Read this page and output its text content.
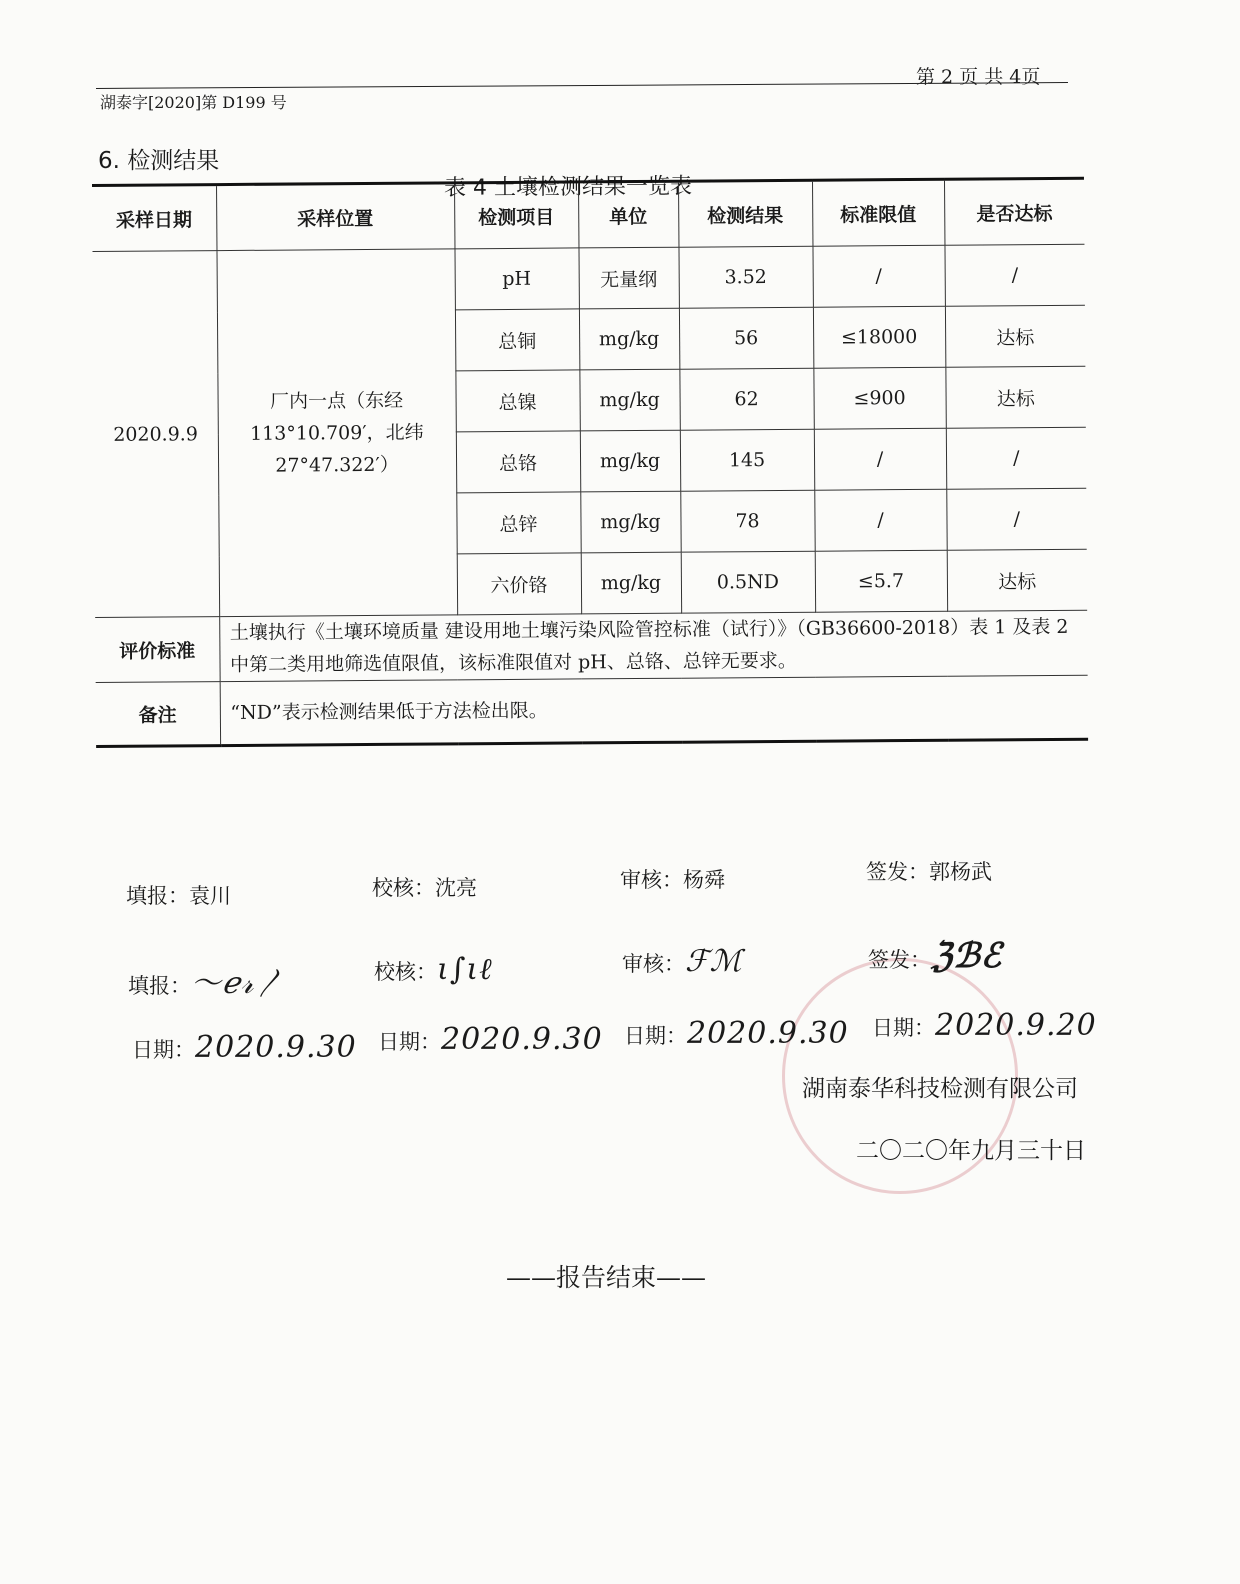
第 2 页 共 4页
湖泰字[2020]第 D199 号
6. 检测结果
表 4 土壤检测结果一览表
采样日期	采样位置	检测项目	单位	检测结果	标准限值	是否达标
2020.9.9	厂内一点（东经 113°10.709′，北纬 27°47.322′）	pH	无量纲	3.52	/	/
		总铜	mg/kg	56	≤18000	达标
		总镍	mg/kg	62	≤900	达标
		总铬	mg/kg	145	/	/
		总锌	mg/kg	78	/	/
		六价铬	mg/kg	0.5ND	≤5.7	达标
评价标准	土壤执行《土壤环境质量 建设用地土壤污染风险管控标准（试行）》（GB36600-2018）表 1 及表 2 中第二类用地筛选值限值，该标准限值对 pH、总铬、总锌无要求。					
备注	“ND”表示检测结果低于方法检出限。					
填报：袁川	校核：沈亮	审核：杨舜	签发：郭杨武
填报：〜ℯ𝓇〳	校核：ι∫ιℓ	审核：ℱℳ	签发：ℨℬℰ
日期：2020.9.30 日期：2020.9.30 日期：2020.9.30 日期：2020.9.20
湖南泰华科技检测有限公司
二〇二〇年九月三十日
——报告结束——
